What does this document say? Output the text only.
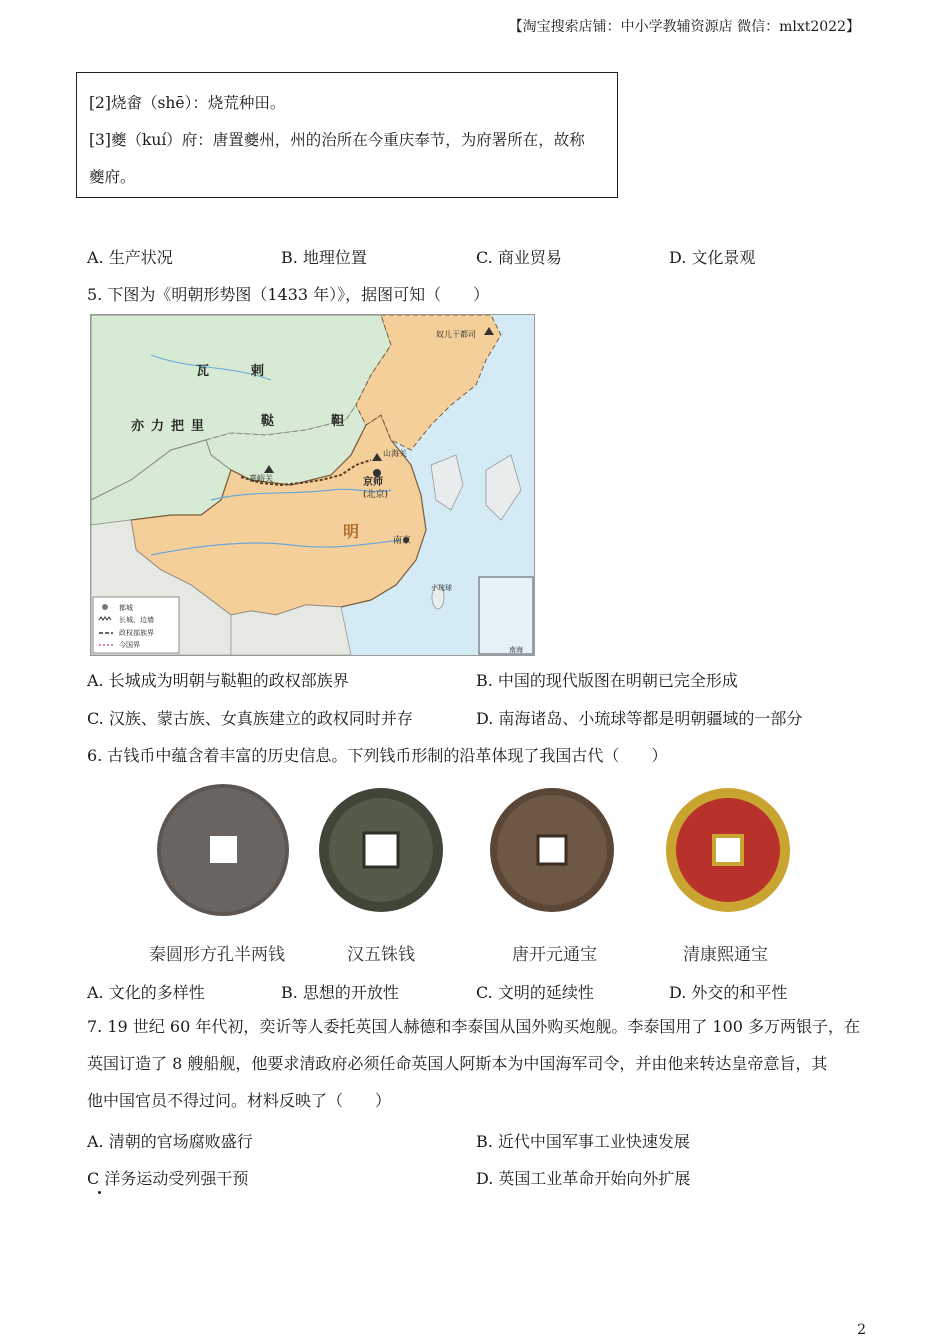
【淘宝搜索店铺：中小学教辅资源店 微信：mlxt2022】
[2]烧畲（shē）：烧荒种田。
[3]夔（kuí）府：唐置夔州，州的治所在今重庆奉节，为府署所在，故称
夔府。
A. 生产状况	B. 地理位置	C. 商业贸易	D. 文化景观
5. 下图为《明朝形势图（1433 年）》，据图可知（　　）
瓦	剌
鞑	靼
亦 力 把 里
明
京师
(北京)
南京
奴儿干都司
山海关
嘉峪关
小琉球
南海
都城
长城、边墙
政权部族界
今国界
A. 长城成为明朝与鞑靼的政权部族界	B. 中国的现代版图在明朝已完全形成
C. 汉族、蒙古族、女真族建立的政权同时并存	D. 南海诸岛、小琉球等都是明朝疆域的一部分
6. 古钱币中蕴含着丰富的历史信息。下列钱币形制的沿革体现了我国古代（　　）
秦圆形方孔半两钱	汉五铢钱	唐开元通宝	清康熙通宝
A. 文化的多样性	B. 思想的开放性	C. 文明的延续性	D. 外交的和平性
7. 19 世纪 60 年代初，奕䜣等人委托英国人赫德和李泰国从国外购买炮舰。李泰国用了 100 多万两银子，在
英国订造了 8 艘船舰，他要求清政府必须任命英国人阿斯本为中国海军司令，并由他来转达皇帝意旨，其
他中国官员不得过问。材料反映了（　　）
A. 清朝的官场腐败盛行	B. 近代中国军事工业快速发展
C 洋务运动受列强干预	D. 英国工业革命开始向外扩展
2
